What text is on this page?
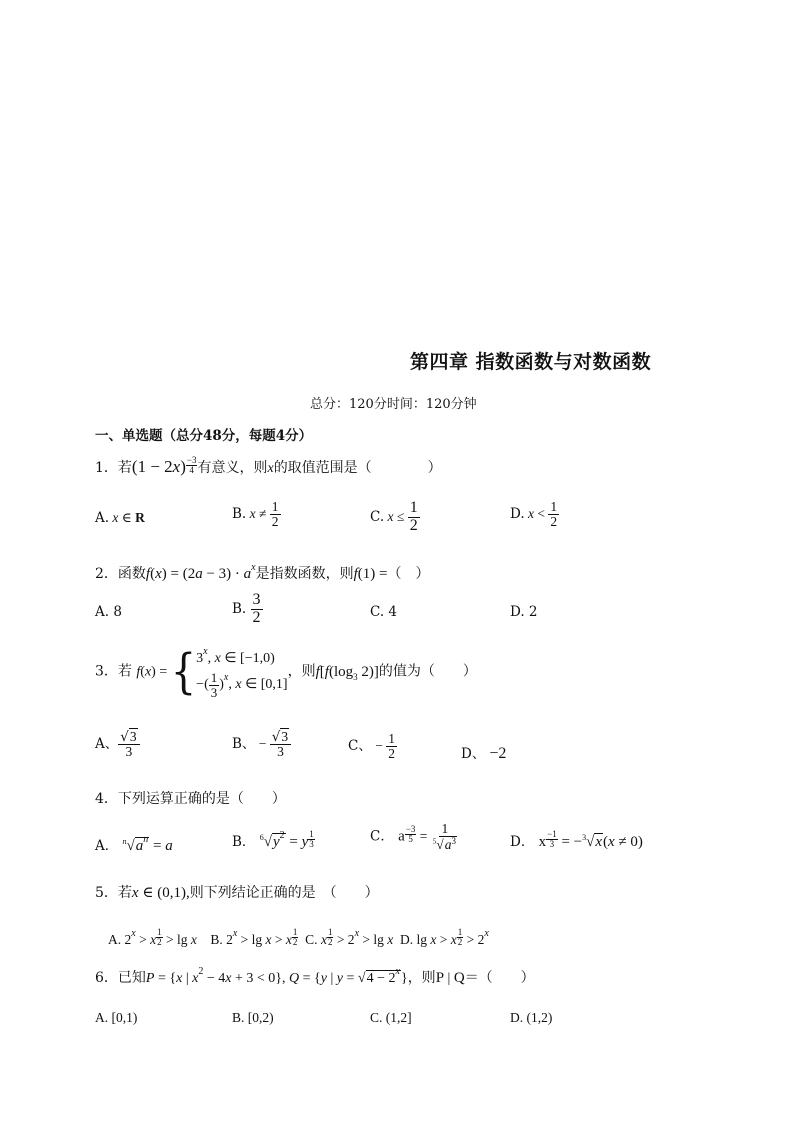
第四章 指数函数与对数函数
总分：120分时间：120分钟
一、单选题（总分48分，每题4分）
1．若$(1 - 2x) \frac{-3}{4}$ 有意义，则x的取值范围是（　　　　）
A. x ∈ R	B. $x \ne \frac{1}{2}$	C. $x \le \frac{1}{2}$	D. $x < \frac{1}{2}$
2．函数$f(x) = (2a - 3) \cdot a^x$是指数函数，则f(1) =（　）
A. 8	B. $\frac{3}{2}$	C. 4	D. 2
3．若 f(x) = { 3$^x$, x ∈ [−1,0)
−( $\frac{1}{3} )^x$, x ∈ [0,1]
，则$f[f(\log_3$ 2)]的值为（　　）
A、 $\frac{√3}{3}$	B、 − $\frac{√3}{3}$	C、 − $\frac{1}{2}$	D、 −2
4．下列运算正确的是（　　）
A． $^n√a^n = a$	B． $^6√y^2 = y \frac{1}{3}$	C． a $\frac{-3}{5} = \frac{1}{^5√a^3}$	D． x $\frac{-1}{3} = -^3√x(x \ne 0)$
5．若x ∈ (0,1),则下列结论正确的是　（　　）
A. $2^x > x \frac{1}{2} > \lg x$ B. $2^x > \lg x > x \frac{1}{2} C$. x $\frac{1}{2} > 2^x > \lg x$ D. lg x > x $\frac{1}{2} > 2^x$
6．已知P = {x | $x^2 - 4x + 3 < 0$}, Q = {y | $y = √4 - 2^x$}，则P | Q＝（　　）
A. [0,1)	B. [0,2)	C. (1,2]	D. (1,2)
